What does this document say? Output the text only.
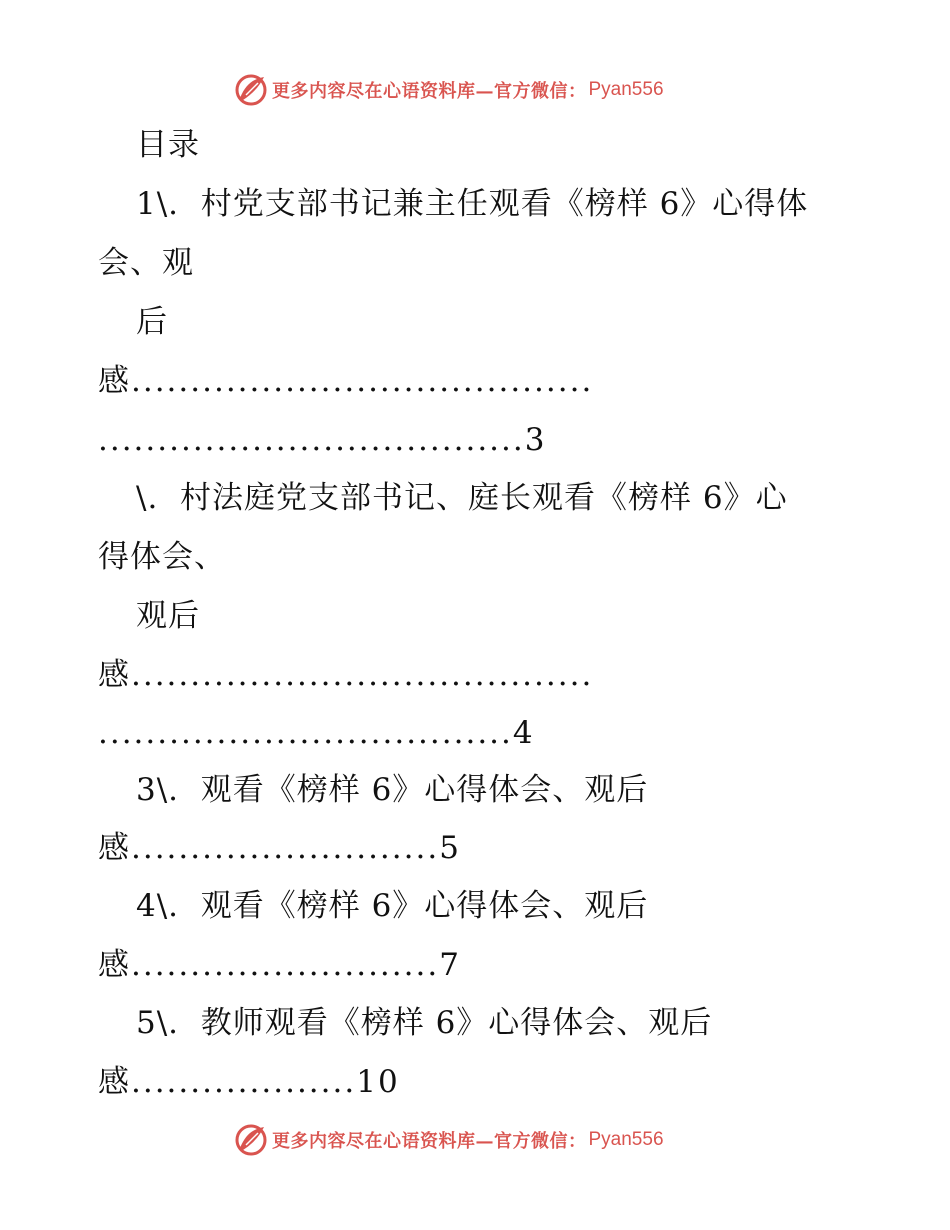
更多内容尽在心语资料库—官方微信： Pyan556
目录
1\.  村党支部书记兼主任观看《榜样 6》心得体
会、观
后
感.......................................
....................................3
\.  村法庭党支部书记、庭长观看《榜样 6》心
得体会、
观后
感.......................................
...................................4
3\.  观看《榜样 6》心得体会、观后
感..........................5
4\.  观看《榜样 6》心得体会、观后
感..........................7
5\.  教师观看《榜样 6》心得体会、观后
感...................10
更多内容尽在心语资料库—官方微信： Pyan556
